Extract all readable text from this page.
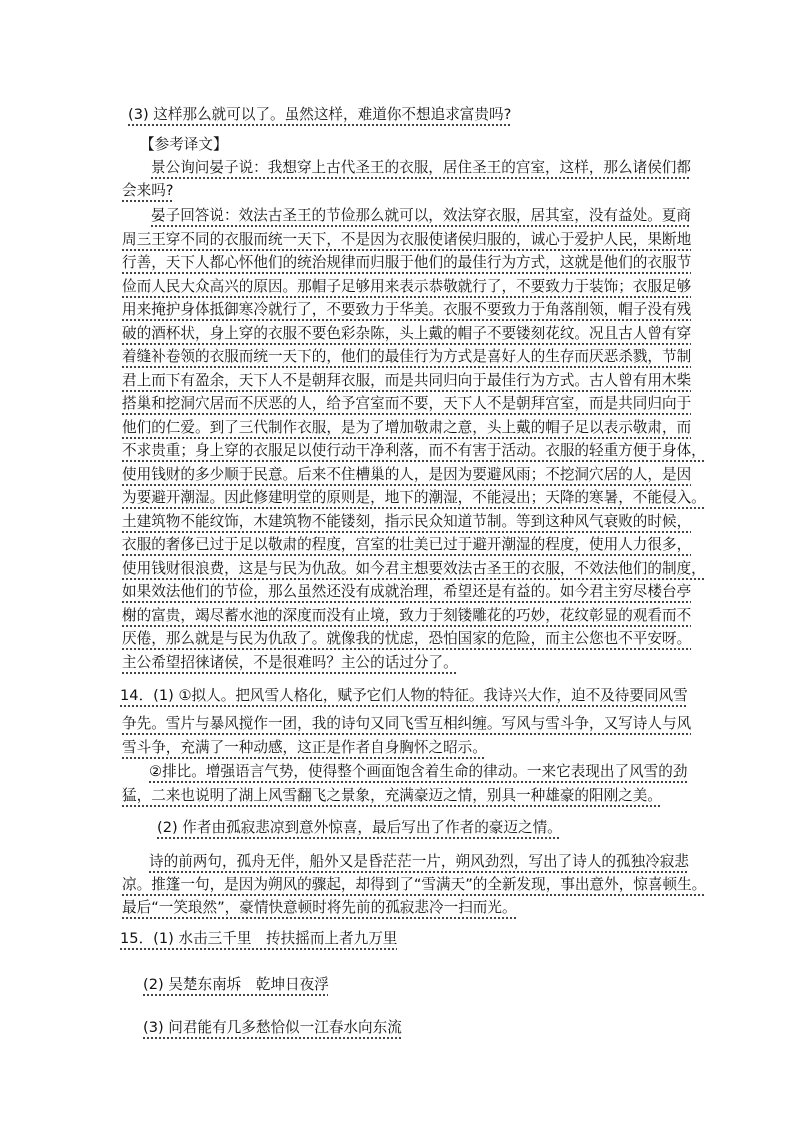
(3) 这样那么就可以了。虽然这样，难道你不想追求富贵吗?
【参考译文】
景公询问晏子说：我想穿上古代圣王的衣服，居住圣王的宫室，这样，那么诸侯们都
会来吗?
晏子回答说：效法古圣王的节俭那么就可以，效法穿衣服，居其室，没有益处。夏商
周三王穿不同的衣服而统一天下，不是因为衣服使诸侯归服的，诚心于爱护人民，果断地
行善，天下人都心怀他们的统治规律而归服于他们的最佳行为方式，这就是他们的衣服节
俭而人民大众高兴的原因。那帽子足够用来表示恭敬就行了，不要致力于装饰；衣服足够
用来掩护身体抵御寒冷就行了，不要致力于华美。衣服不要致力于角落削领，帽子没有残
破的酒杯状，身上穿的衣服不要色彩杂陈，头上戴的帽子不要镂刻花纹。况且古人曾有穿
着缝补卷领的衣服而统一天下的，他们的最佳行为方式是喜好人的生存而厌恶杀戮，节制
君上而下有盈余，天下人不是朝拜衣服，而是共同归向于最佳行为方式。古人曾有用木柴
搭巢和挖洞穴居而不厌恶的人，给予宫室而不要，天下人不是朝拜宫室，而是共同归向于
他们的仁爱。到了三代制作衣服，是为了增加敬肃之意，头上戴的帽子足以表示敬肃，而
不求贵重；身上穿的衣服足以使行动干净利落，而不有害于活动。衣服的轻重方便于身体，
使用钱财的多少顺于民意。后来不住槽巢的人，是因为要避风雨；不挖洞穴居的人，是因
为要避开潮湿。因此修建明堂的原则是，地下的潮湿，不能浸出；天降的寒暑，不能侵入。
土建筑物不能纹饰，木建筑物不能镂刻，指示民众知道节制。等到这种风气衰败的时候，
衣服的奢侈已过于足以敬肃的程度，宫室的壮美已过于避开潮湿的程度，使用人力很多，
使用钱财很浪费，这是与民为仇敌。如今君主想要效法古圣王的衣服，不效法他们的制度，
如果效法他们的节俭，那么虽然还没有成就治理，希望还是有益的。如今君主穷尽楼台亭
榭的富贵，竭尽蓄水池的深度而没有止境，致力于刻镂雕花的巧妙，花纹彰显的观看而不
厌倦，那么就是与民为仇敌了。就像我的忧虑，恐怕国家的危险，而主公您也不平安呀。
主公希望招徕诸侯，不是很难吗？主公的话过分了。
14．(1) ①拟人。把风雪人格化，赋予它们人物的特征。我诗兴大作，迫不及待要同风雪
争先。雪片与暴风搅作一团，我的诗句又同飞雪互相纠缠。写风与雪斗争，又写诗人与风
雪斗争，充满了一种动感，这正是作者自身胸怀之昭示。
②排比。增强语言气势，使得整个画面饱含着生命的律动。一来它表现出了风雪的劲
猛，二来也说明了湖上风雪翻飞之景象，充满豪迈之情，别具一种雄豪的阳刚之美。
(2) 作者由孤寂悲凉到意外惊喜，最后写出了作者的豪迈之情。
诗的前两句，孤舟无伴，船外又是昏茫茫一片，朔风劲烈，写出了诗人的孤独冷寂悲
凉。推篷一句，是因为朔风的骤起，却得到了“雪满天”的全新发现，事出意外，惊喜顿生。
最后“一笑琅然”，豪情快意顿时将先前的孤寂悲冷一扫而光。
15．(1) 水击三千里　抟扶摇而上者九万里
(2) 吴楚东南坼　乾坤日夜浮
(3) 问君能有几多愁恰似一江春水向东流
